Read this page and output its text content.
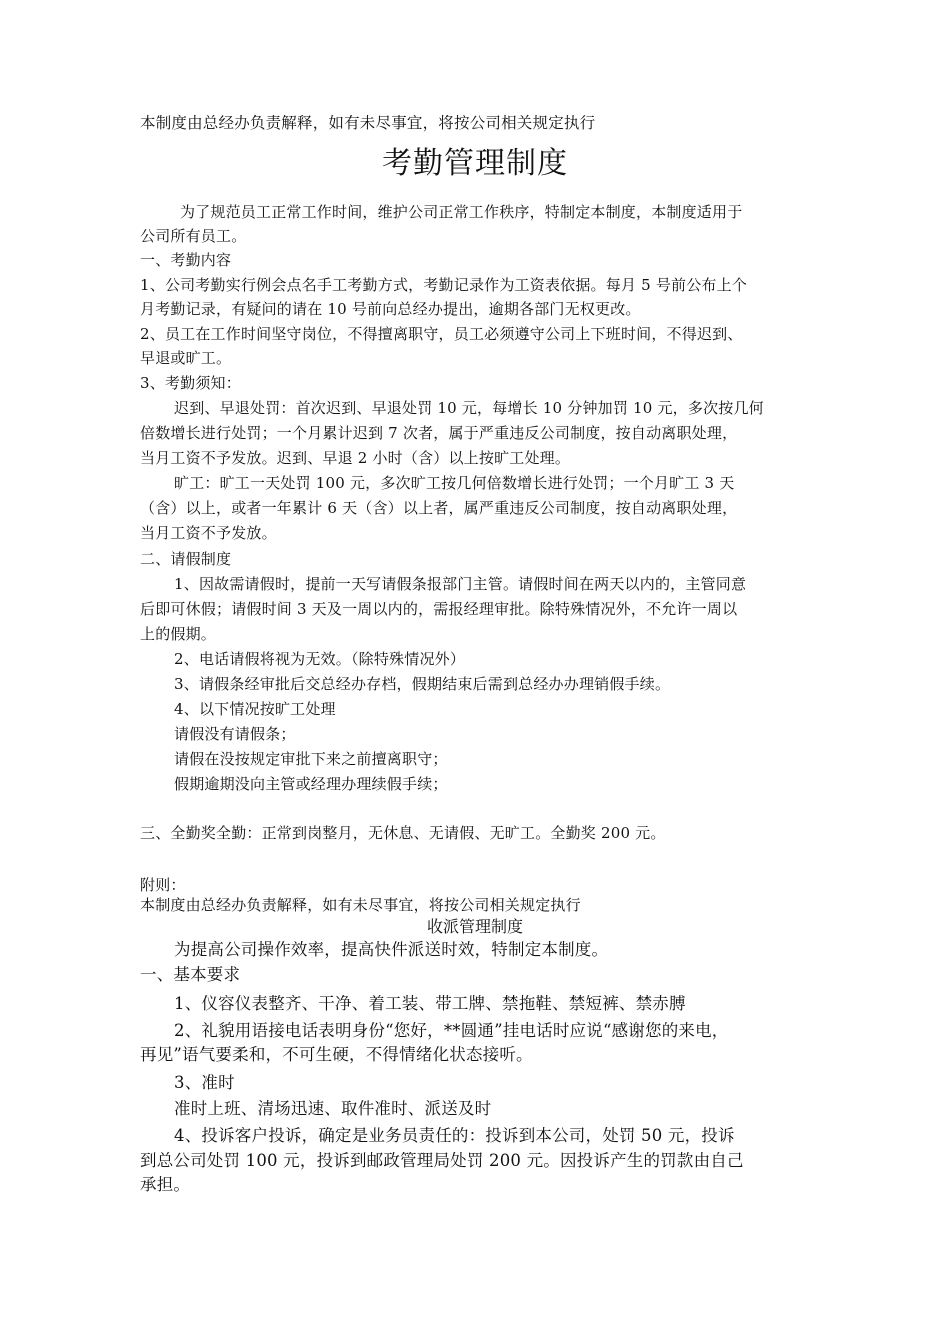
本制度由总经办负责解释，如有未尽事宜，将按公司相关规定执行
考勤管理制度
为了规范员工正常工作时间，维护公司正常工作秩序，特制定本制度，本制度适用于
公司所有员工。
一、考勤内容
1、公司考勤实行例会点名手工考勤方式，考勤记录作为工资表依据。每月 5 号前公布上个
月考勤记录，有疑问的请在 10 号前向总经办提出，逾期各部门无权更改。
2、员工在工作时间坚守岗位，不得擅离职守，员工必须遵守公司上下班时间，不得迟到、
早退或旷工。
3、考勤须知：
迟到、早退处罚：首次迟到、早退处罚 10 元，每增长 10 分钟加罚 10 元，多次按几何
倍数增长进行处罚；一个月累计迟到 7 次者，属于严重违反公司制度，按自动离职处理，
当月工资不予发放。迟到、早退 2 小时（含）以上按旷工处理。
旷工：旷工一天处罚 100 元，多次旷工按几何倍数增长进行处罚；一个月旷工 3 天
（含）以上，或者一年累计 6 天（含）以上者，属严重违反公司制度，按自动离职处理，
当月工资不予发放。
二、请假制度
1、因故需请假时，提前一天写请假条报部门主管。请假时间在两天以内的，主管同意
后即可休假；请假时间 3 天及一周以内的，需报经理审批。除特殊情况外，不允许一周以
上的假期。
2、电话请假将视为无效。（除特殊情况外）
3、请假条经审批后交总经办存档，假期结束后需到总经办办理销假手续。
4、以下情况按旷工处理
请假没有请假条；
请假在没按规定审批下来之前擅离职守；
假期逾期没向主管或经理办理续假手续；
三、全勤奖全勤：正常到岗整月，无休息、无请假、无旷工。全勤奖 200 元。
附则：
本制度由总经办负责解释，如有未尽事宜，将按公司相关规定执行
收派管理制度
为提高公司操作效率，提高快件派送时效，特制定本制度。
一、基本要求
1、仪容仪表整齐、干净、着工装、带工牌、禁拖鞋、禁短裤、禁赤膊
2、礼貌用语接电话表明身份“您好，**圆通”挂电话时应说“感谢您的来电，
再见”语气要柔和，不可生硬，不得情绪化状态接听。
3、准时
准时上班、清场迅速、取件准时、派送及时
4、投诉客户投诉，确定是业务员责任的：投诉到本公司，处罚 50 元，投诉
到总公司处罚 100 元，投诉到邮政管理局处罚 200 元。因投诉产生的罚款由自己
承担。
